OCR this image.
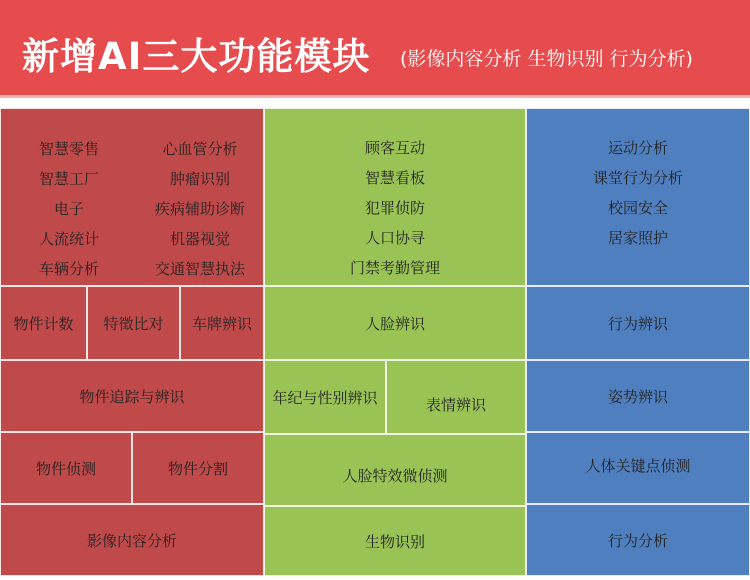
新增AI三大功能模块 (影像内容分析 生物识别 行为分析)
智慧零售	心血管分析
智慧工厂	肿瘤识别
电子	疾病辅助诊断
人流统计	机器视觉
车辆分析	交通智慧执法
物件计数	特徵比对	车牌辨识
物件追踪与辨识
物件侦测	物件分割
影像内容分析
顾客互动
智慧看板
犯罪侦防
人口协寻
门禁考勤管理
人脸辨识
年纪与性别辨识	表情辨识
人脸特效微侦测
生物识别
运动分析
课堂行为分析
校园安全
居家照护
行为辨识
姿势辨识
人体关键点侦测
行为分析
